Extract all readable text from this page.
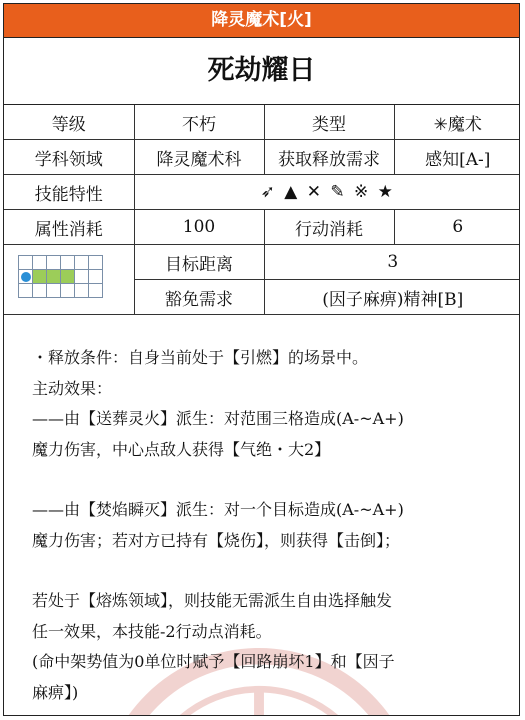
降灵魔术[火]
死劫耀日
等级	不朽	类型	✳魔术
学科领域	降灵魔术科	获取释放需求	感知[A-]
技能特性	➶ ▲ ✕ ✎ ※ ★		
属性消耗	100	行动消耗	6

	目标距离	3	
	豁免需求	(因子麻痹)精神[B]	

・释放条件：自身当前处于【引燃】的场景中。

主动效果：

——由【送葬灵火】派生：对范围三格造成(A-~A+)

魔力伤害，中心点敌人获得【气绝・大2】

——由【焚焰瞬灭】派生：对一个目标造成(A-~A+)

魔力伤害；若对方已持有【烧伤】，则获得【击倒】；

若处于【熔炼领域】，则技能无需派生自由选择触发

任一效果，本技能-2行动点消耗。

(命中架势值为0单位时赋予【回路崩坏1】和【因子

麻痹】)
